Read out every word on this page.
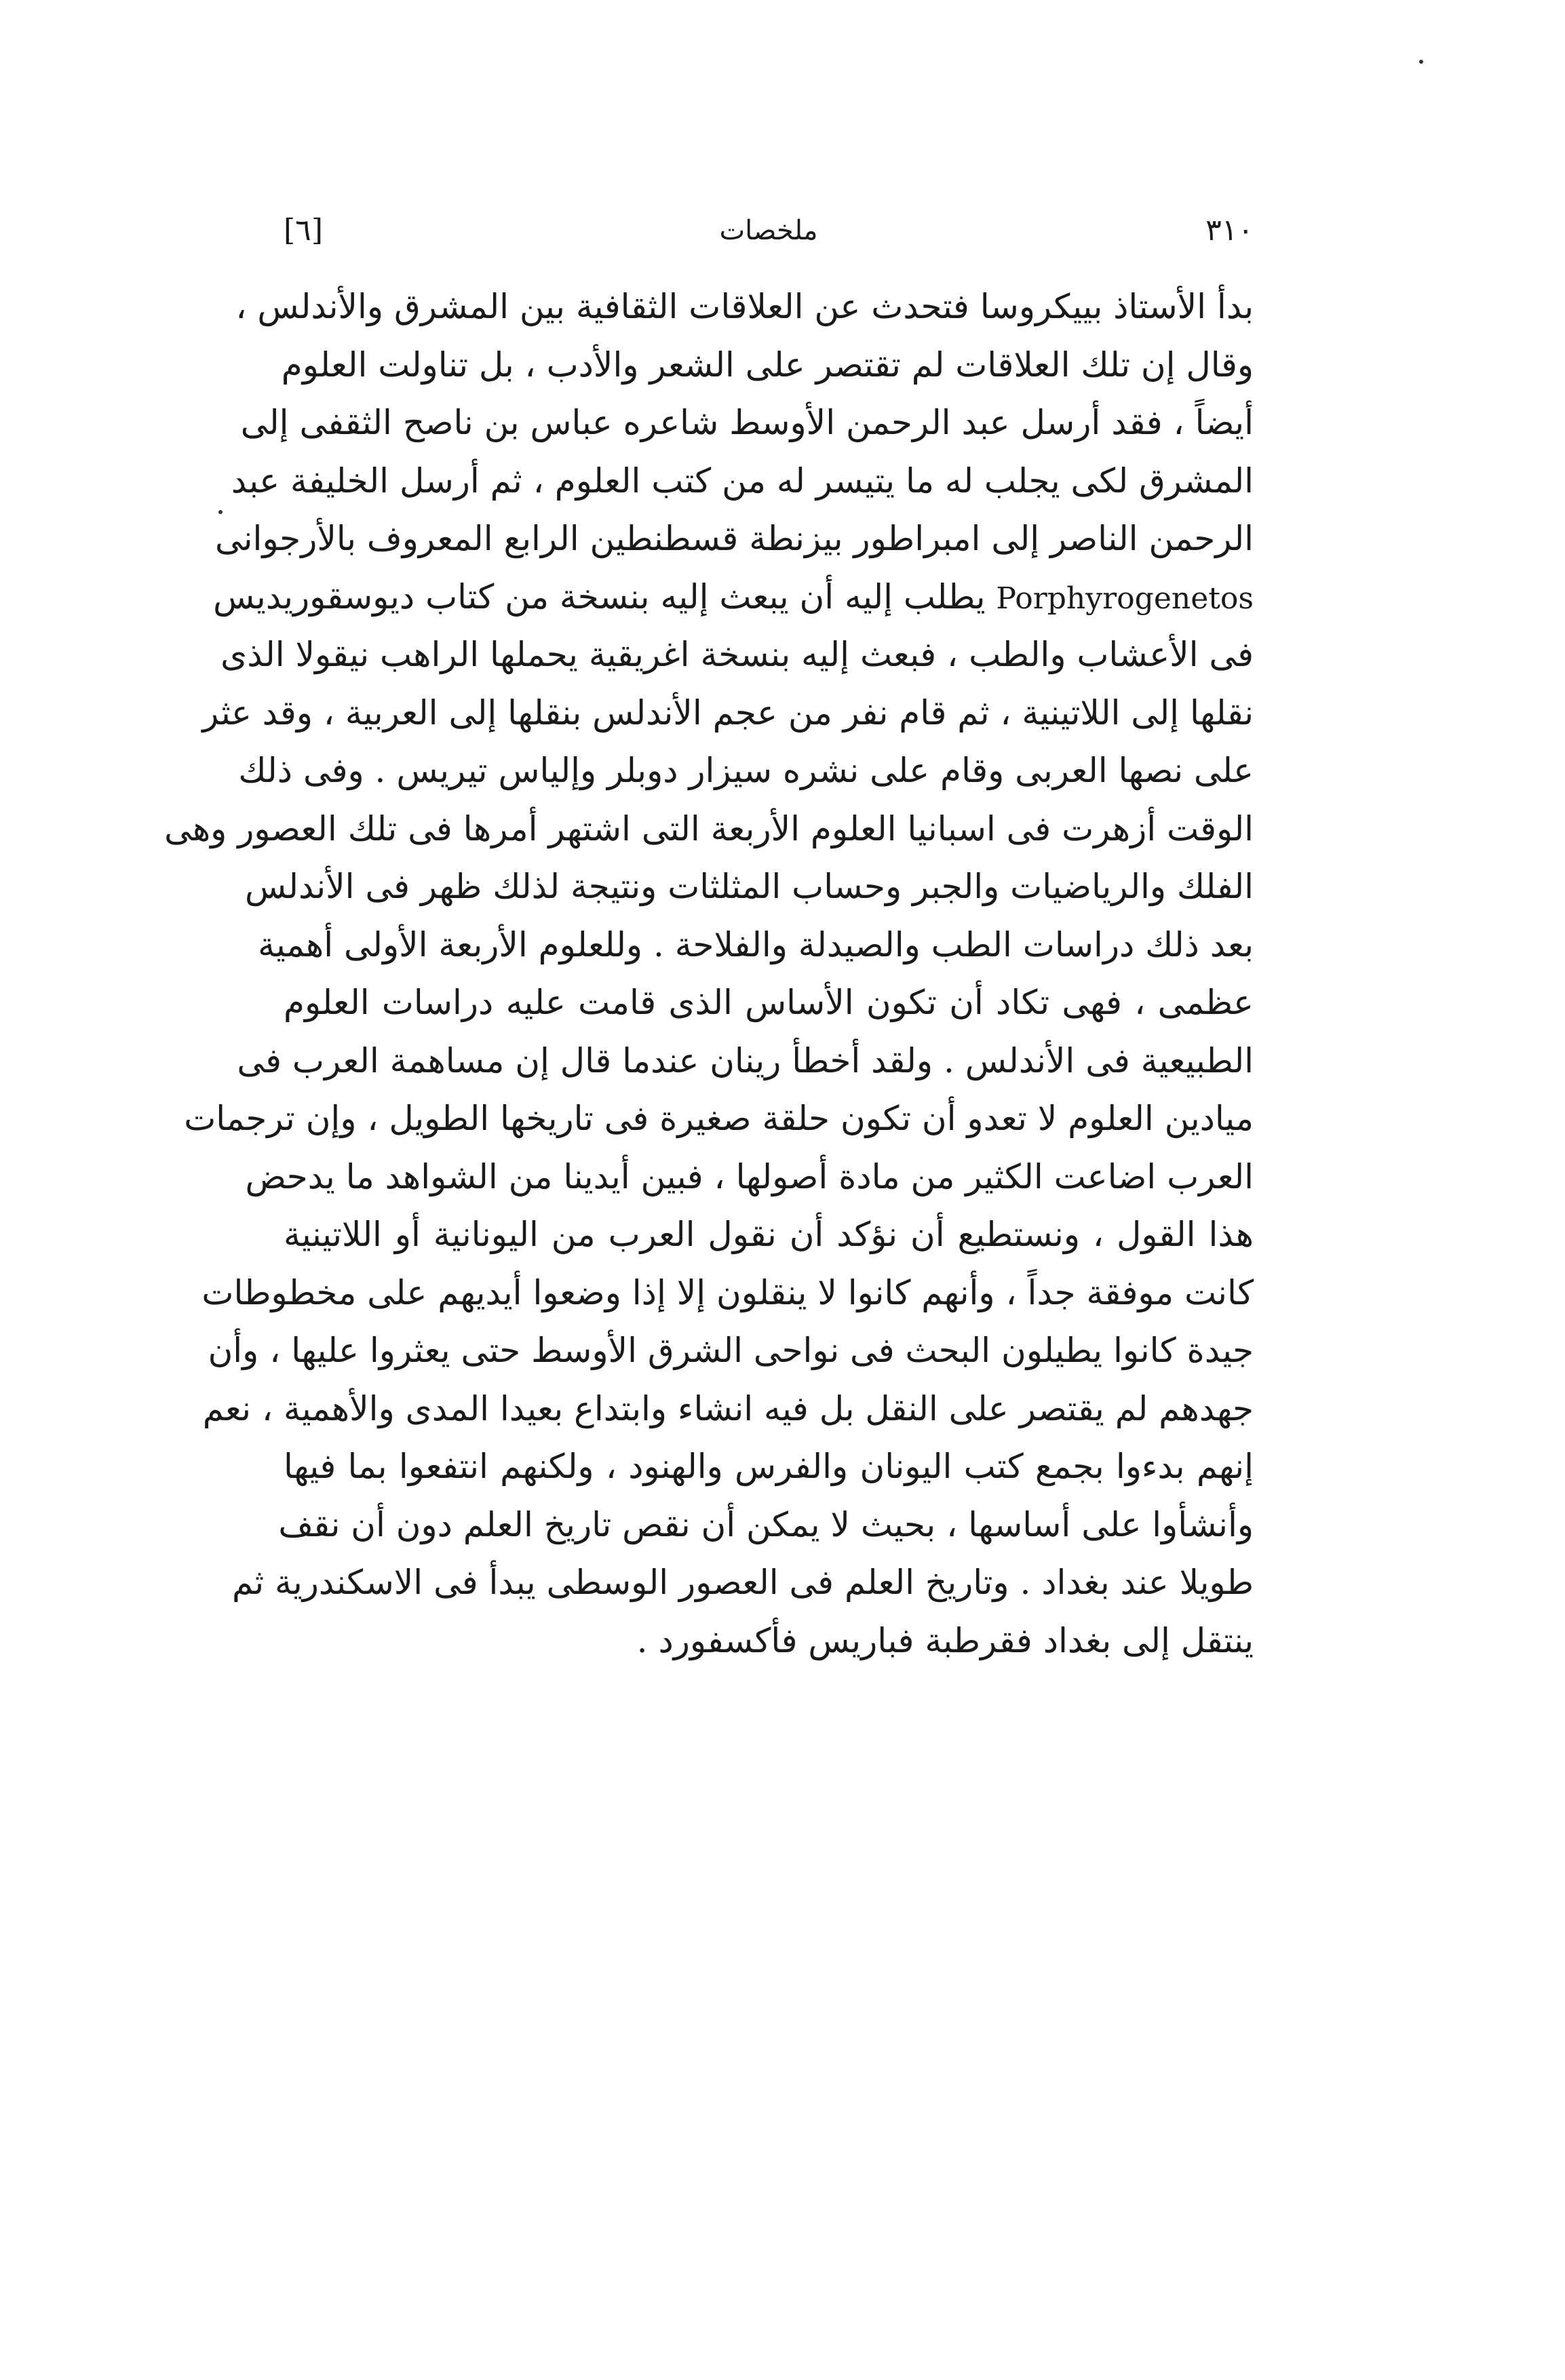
[٦]	ملخصات	٣١٠
بدأ الأستاذ بييكروسا فتحدث عن العلاقات الثقافية بين المشرق والأندلس ،
وقال إن تلك العلاقات لم تقتصر على الشعر والأدب ، بل تناولت العلوم
أيضاً ، فقد أرسل عبد الرحمن الأوسط شاعره عباس بن ناصح الثقفى إلى
المشرق لكى يجلب له ما يتيسر له من كتب العلوم ، ثم أرسل الخليفة عبد
الرحمن الناصر إلى امبراطور بيزنطة قسطنطين الرابع المعروف بالأرجوانى
Porphyrogenetos يطلب إليه أن يبعث إليه بنسخة من كتاب ديوسقوريديس
فى الأعشاب والطب ، فبعث إليه بنسخة اغريقية يحملها الراهب نيقولا الذى
نقلها إلى اللاتينية ، ثم قام نفر من عجم الأندلس بنقلها إلى العربية ، وقد عثر
على نصها العربى وقام على نشره سيزار دوبلر وإلياس تيريس . وفى ذلك
الوقت أزهرت فى اسبانيا العلوم الأربعة التى اشتهر أمرها فى تلك العصور وهى
الفلك والرياضيات والجبر وحساب المثلثات ونتيجة لذلك ظهر فى الأندلس
بعد ذلك دراسات الطب والصيدلة والفلاحة . وللعلوم الأربعة الأولى أهمية
عظمى ، فهى تكاد أن تكون الأساس الذى قامت عليه دراسات العلوم
الطبيعية فى الأندلس . ولقد أخطأ رينان عندما قال إن مساهمة العرب فى
ميادين العلوم لا تعدو أن تكون حلقة صغيرة فى تاريخها الطويل ، وإن ترجمات
العرب اضاعت الكثير من مادة أصولها ، فبين أيدينا من الشواهد ما يدحض
هذا القول ، ونستطيع أن نؤكد أن نقول العرب من اليونانية أو اللاتينية
كانت موفقة جداً ، وأنهم كانوا لا ينقلون إلا إذا وضعوا أيديهم على مخطوطات
جيدة كانوا يطيلون البحث فى نواحى الشرق الأوسط حتى يعثروا عليها ، وأن
جهدهم لم يقتصر على النقل بل فيه انشاء وابتداع بعيدا المدى والأهمية ، نعم
إنهم بدءوا بجمع كتب اليونان والفرس والهنود ، ولكنهم انتفعوا بما فيها
وأنشأوا على أساسها ، بحيث لا يمكن أن نقص تاريخ العلم دون أن نقف
طويلا عند بغداد . وتاريخ العلم فى العصور الوسطى يبدأ فى الاسكندرية ثم
ينتقل إلى بغداد فقرطبة فباريس فأكسفورد .
